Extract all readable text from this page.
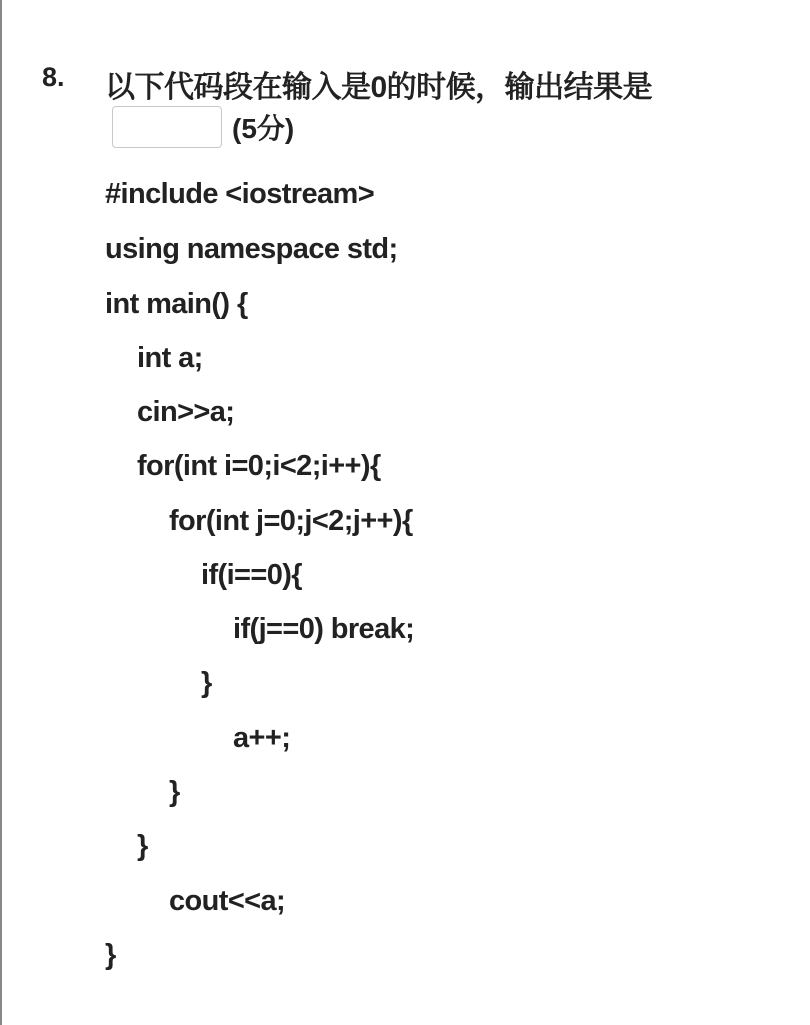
8. 以下代码段在输入是0的时候，输出结果是
(5分)
#include <iostream>
using namespace std;
int main() {
int a;
cin>>a;
for(int i=0;i<2;i++){
for(int j=0;j<2;j++){
if(i==0){
if(j==0) break;
}
a++;
}
}
cout<<a;
}
